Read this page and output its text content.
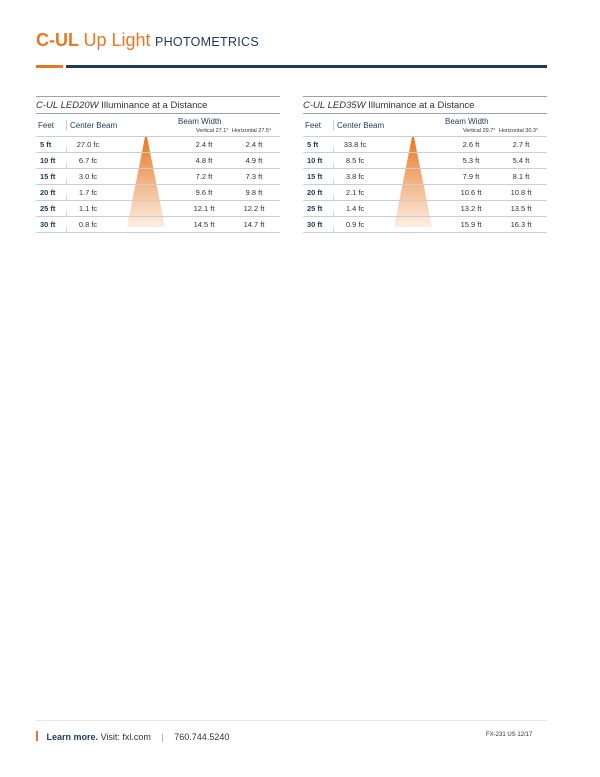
C-UL Up Light PHOTOMETRICS
C-UL LED20W Illuminance at a Distance
Feet Center Beam	Beam Width
Vertical 27.1° Horizontal 27.5°
5 ft	27.0 fc	2.4 ft	2.4 ft
10 ft	6.7 fc	4.8 ft	4.9 ft
15 ft	3.0 fc	7.2 ft	7.3 ft
20 ft	1.7 fc	9.6 ft	9.8 ft
25 ft	1.1 fc	12.1 ft	12.2 ft
30 ft	0.8 fc	14.5 ft	14.7 ft
C-UL LED35W Illuminance at a Distance
Feet Center Beam	Beam Width
Vertical 29.7° Horizontal 30.3°
5 ft	33.8 fc	2.6 ft	2.7 ft
10 ft	8.5 fc	5.3 ft	5.4 ft
15 ft	3.8 fc	7.9 ft	8.1 ft
20 ft	2.1 fc	10.6 ft	10.8 ft
25 ft	1.4 fc	13.2 ft	13.5 ft
30 ft	0.9 fc	15.9 ft	16.3 ft
Learn more. Visit: fxl.com | 760.744.5240	FX-231 US 12/17
